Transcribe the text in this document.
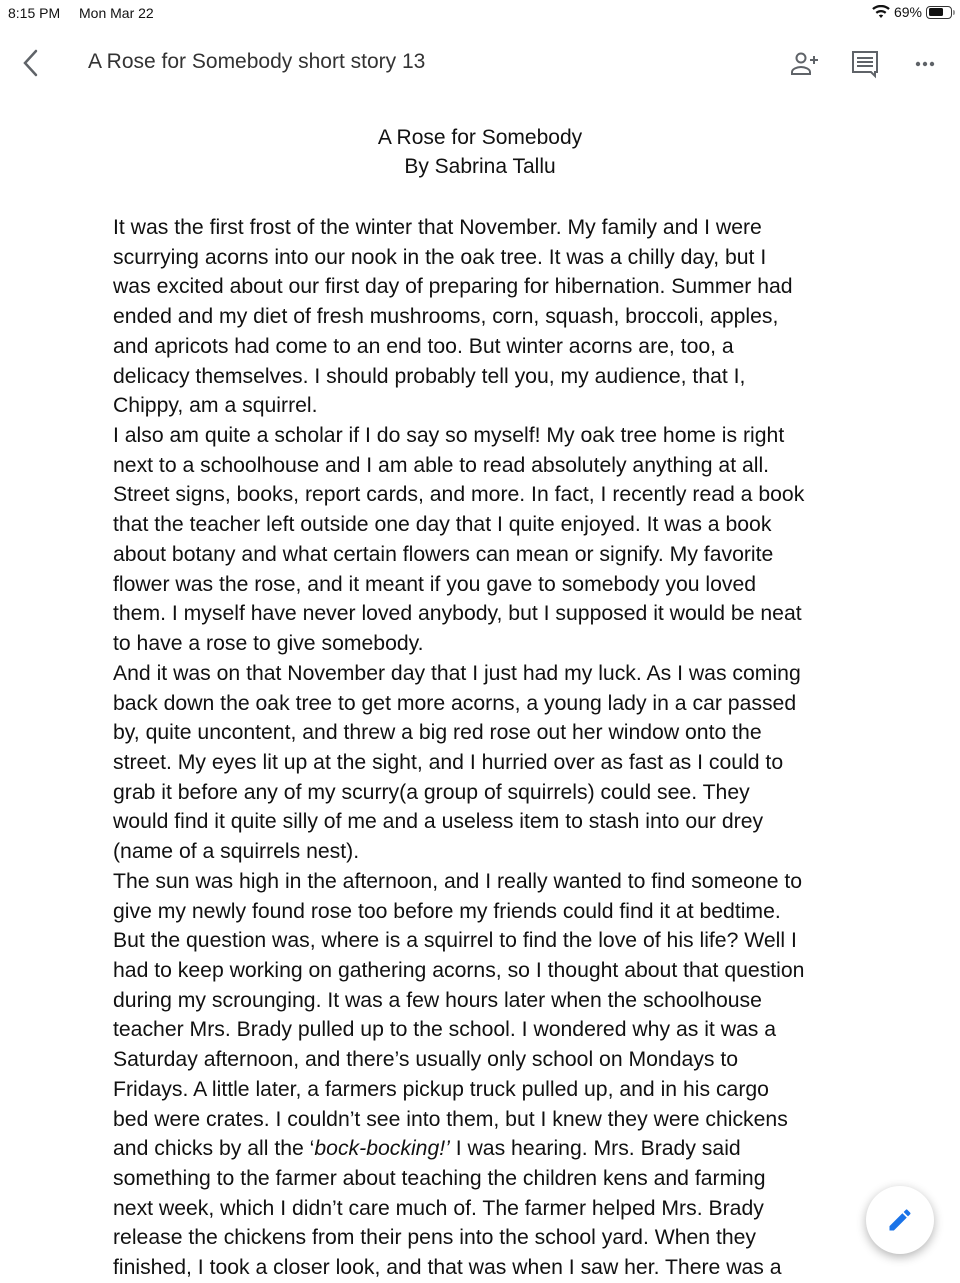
8:15 PM Mon Mar 22	69%
A Rose for Somebody short story 13
A Rose for Somebody
By Sabrina Tallu
It was the first frost of the winter that November. My family and I were
scurrying acorns into our nook in the oak tree. It was a chilly day, but I
was excited about our first day of preparing for hibernation. Summer had
ended and my diet of fresh mushrooms, corn, squash, broccoli, apples,
and apricots had come to an end too. But winter acorns are, too, a
delicacy themselves. I should probably tell you, my audience, that I,
Chippy, am a squirrel.
I also am quite a scholar if I do say so myself! My oak tree home is right
next to a schoolhouse and I am able to read absolutely anything at all.
Street signs, books, report cards, and more. In fact, I recently read a book
that the teacher left outside one day that I quite enjoyed. It was a book
about botany and what certain flowers can mean or signify. My favorite
flower was the rose, and it meant if you gave to somebody you loved
them. I myself have never loved anybody, but I supposed it would be neat
to have a rose to give somebody.
And it was on that November day that I just had my luck. As I was coming
back down the oak tree to get more acorns, a young lady in a car passed
by, quite uncontent, and threw a big red rose out her window onto the
street. My eyes lit up at the sight, and I hurried over as fast as I could to
grab it before any of my scurry(a group of squirrels) could see. They
would find it quite silly of me and a useless item to stash into our drey
(name of a squirrels nest).
The sun was high in the afternoon, and I really wanted to find someone to
give my newly found rose too before my friends could find it at bedtime.
But the question was, where is a squirrel to find the love of his life? Well I
had to keep working on gathering acorns, so I thought about that question
during my scrounging. It was a few hours later when the schoolhouse
teacher Mrs. Brady pulled up to the school. I wondered why as it was a
Saturday afternoon, and there’s usually only school on Mondays to
Fridays. A little later, a farmers pickup truck pulled up, and in his cargo
bed were crates. I couldn’t see into them, but I knew they were chickens
and chicks by all the ‘bock-bocking!’ I was hearing. Mrs. Brady said
something to the farmer about teaching the children kens and farming
next week, which I didn’t care much of. The farmer helped Mrs. Brady
release the chickens from their pens into the school yard. When they
finished, I took a closer look, and that was when I saw her. There was a
